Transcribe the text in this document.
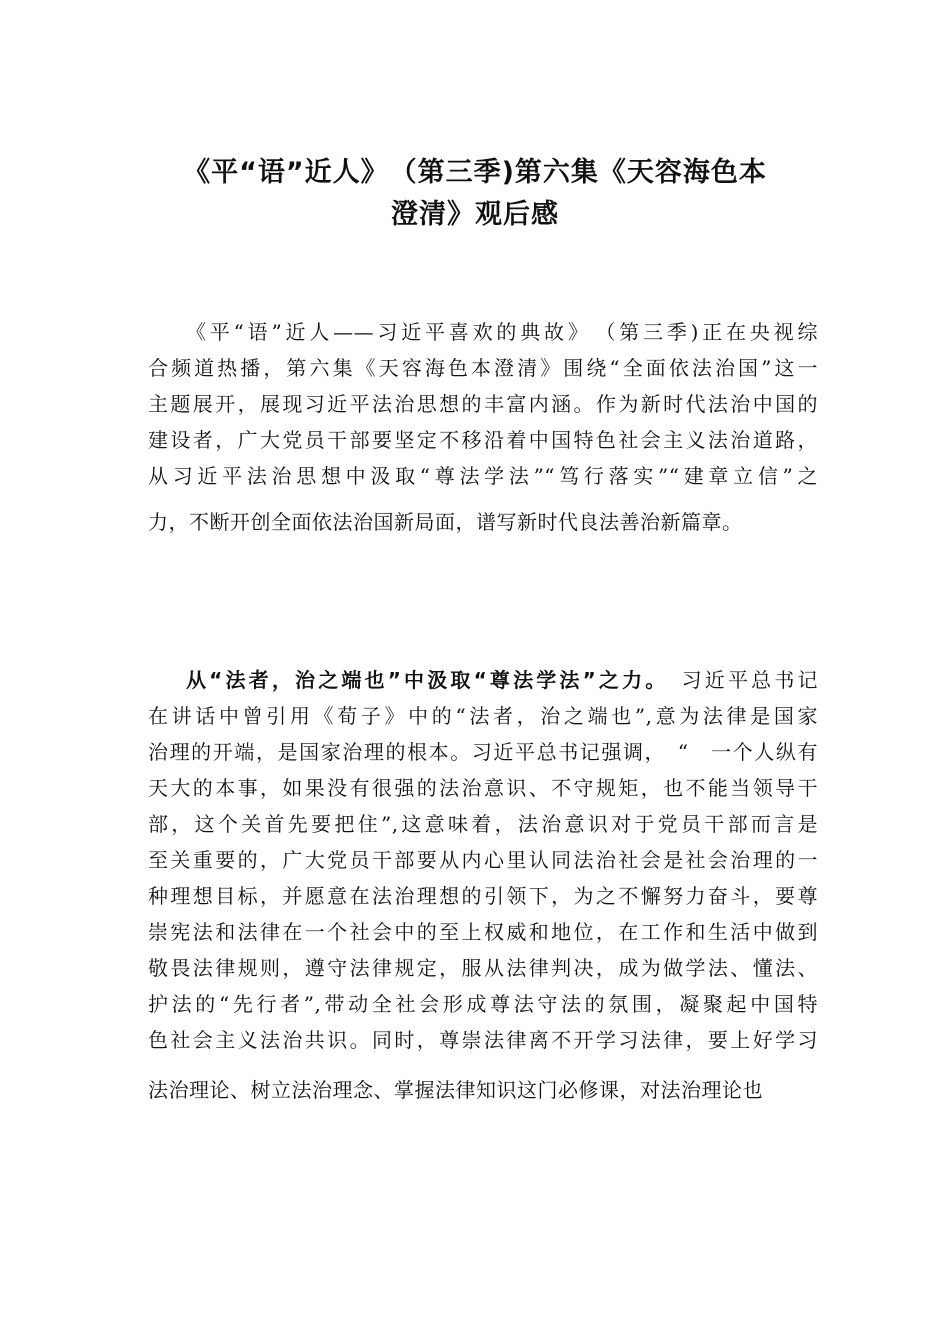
《平“语”近人》　（第三季)第六集《天容海色本
澄清》观后感
《平“语”近人——习近平喜欢的典故》　（第三季)正在央视综
合频道热播，第六集《天容海色本澄清》围绕“全面依法治国”这一
主题展开，展现习近平法治思想的丰富内涵。作为新时代法治中国的
建设者，广大党员干部要坚定不移沿着中国特色社会主义法治道路，
从习近平法治思想中汲取“尊法学法”“笃行落实”“建章立信”之
力，不断开创全面依法治国新局面，谱写新时代良法善治新篇章。
从“法者，治之端也”中汲取“尊法学法”之力。　习近平总书记
在讲话中曾引用《荀子》中的“法者，治之端也”,意为法律是国家
治理的开端，是国家治理的根本。习近平总书记强调，　“　一个人纵有
天大的本事，如果没有很强的法治意识、不守规矩，也不能当领导干
部，这个关首先要把住”,这意味着，法治意识对于党员干部而言是
至关重要的，广大党员干部要从内心里认同法治社会是社会治理的一
种理想目标，并愿意在法治理想的引领下，为之不懈努力奋斗，要尊
崇宪法和法律在一个社会中的至上权威和地位，在工作和生活中做到
敬畏法律规则，遵守法律规定，服从法律判决，成为做学法、懂法、
护法的“先行者”,带动全社会形成尊法守法的氛围，凝聚起中国特
色社会主义法治共识。同时，尊崇法律离不开学习法律，要上好学习
法治理论、树立法治理念、掌握法律知识这门必修课，对法治理论也
